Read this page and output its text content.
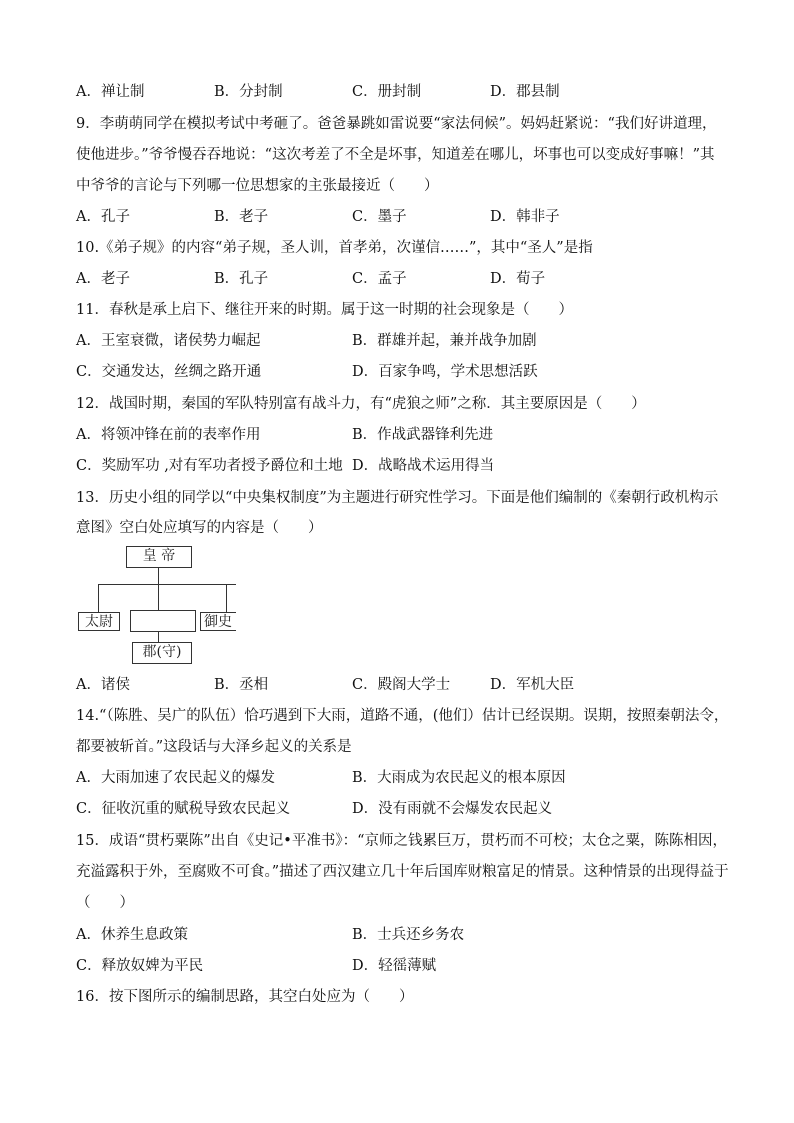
A．禅让制	B．分封制	C．册封制	D．郡县制
9．李萌萌同学在模拟考试中考砸了。爸爸暴跳如雷说要“家法伺候”。妈妈赶紧说：“我们好讲道理，
使他进步。”爷爷慢吞吞地说：“这次考差了不全是坏事，知道差在哪儿，坏事也可以变成好事嘛！”其
中爷爷的言论与下列哪一位思想家的主张最接近（　　）
A．孔子	B．老子	C．墨子	D．韩非子
10.《弟子规》的内容“弟子规，圣人训，首孝弟，次谨信……”，其中“圣人”是指
A．老子	B．孔子	C．孟子	D．荀子
11．春秋是承上启下、继往开来的时期。属于这一时期的社会现象是（　　）
A．王室衰微，诸侯势力崛起	B．群雄并起，兼并战争加剧
C．交通发达，丝绸之路开通	D．百家争鸣，学术思想活跃
12．战国时期，秦国的军队特别富有战斗力，有“虎狼之师”之称．其主要原因是（　　）
A．将领冲锋在前的表率作用	B．作战武器锋利先进
C．奖励军功 ,对有军功者授予爵位和土地 D．战略战术运用得当
13．历史小组的同学以“中央集权制度”为主题进行研究性学习。下面是他们编制的《秦朝行政机构示
意图》空白处应填写的内容是（　　）
皇 帝
太尉	御史
郡(守)
A．诸侯	B．丞相	C．殿阁大学士	D．军机大臣
14.“（陈胜、吴广的队伍）恰巧遇到下大雨，道路不通，(他们）估计已经误期。误期，按照秦朝法令，
都要被斩首。”这段话与大泽乡起义的关系是
A．大雨加速了农民起义的爆发	B．大雨成为农民起义的根本原因
C．征收沉重的赋税导致农民起义	D．没有雨就不会爆发农民起义
15．成语“贯朽粟陈”出自《史记•平准书》：“京师之钱累巨万，贯朽而不可校；太仓之粟，陈陈相因，
充溢露积于外，至腐败不可食。”描述了西汉建立几十年后国库财粮富足的情景。这种情景的出现得益于
（　　）
A．休养生息政策	B．士兵还乡务农
C．释放奴婢为平民	D．轻徭薄赋
16．按下图所示的编制思路，其空白处应为（　　）
